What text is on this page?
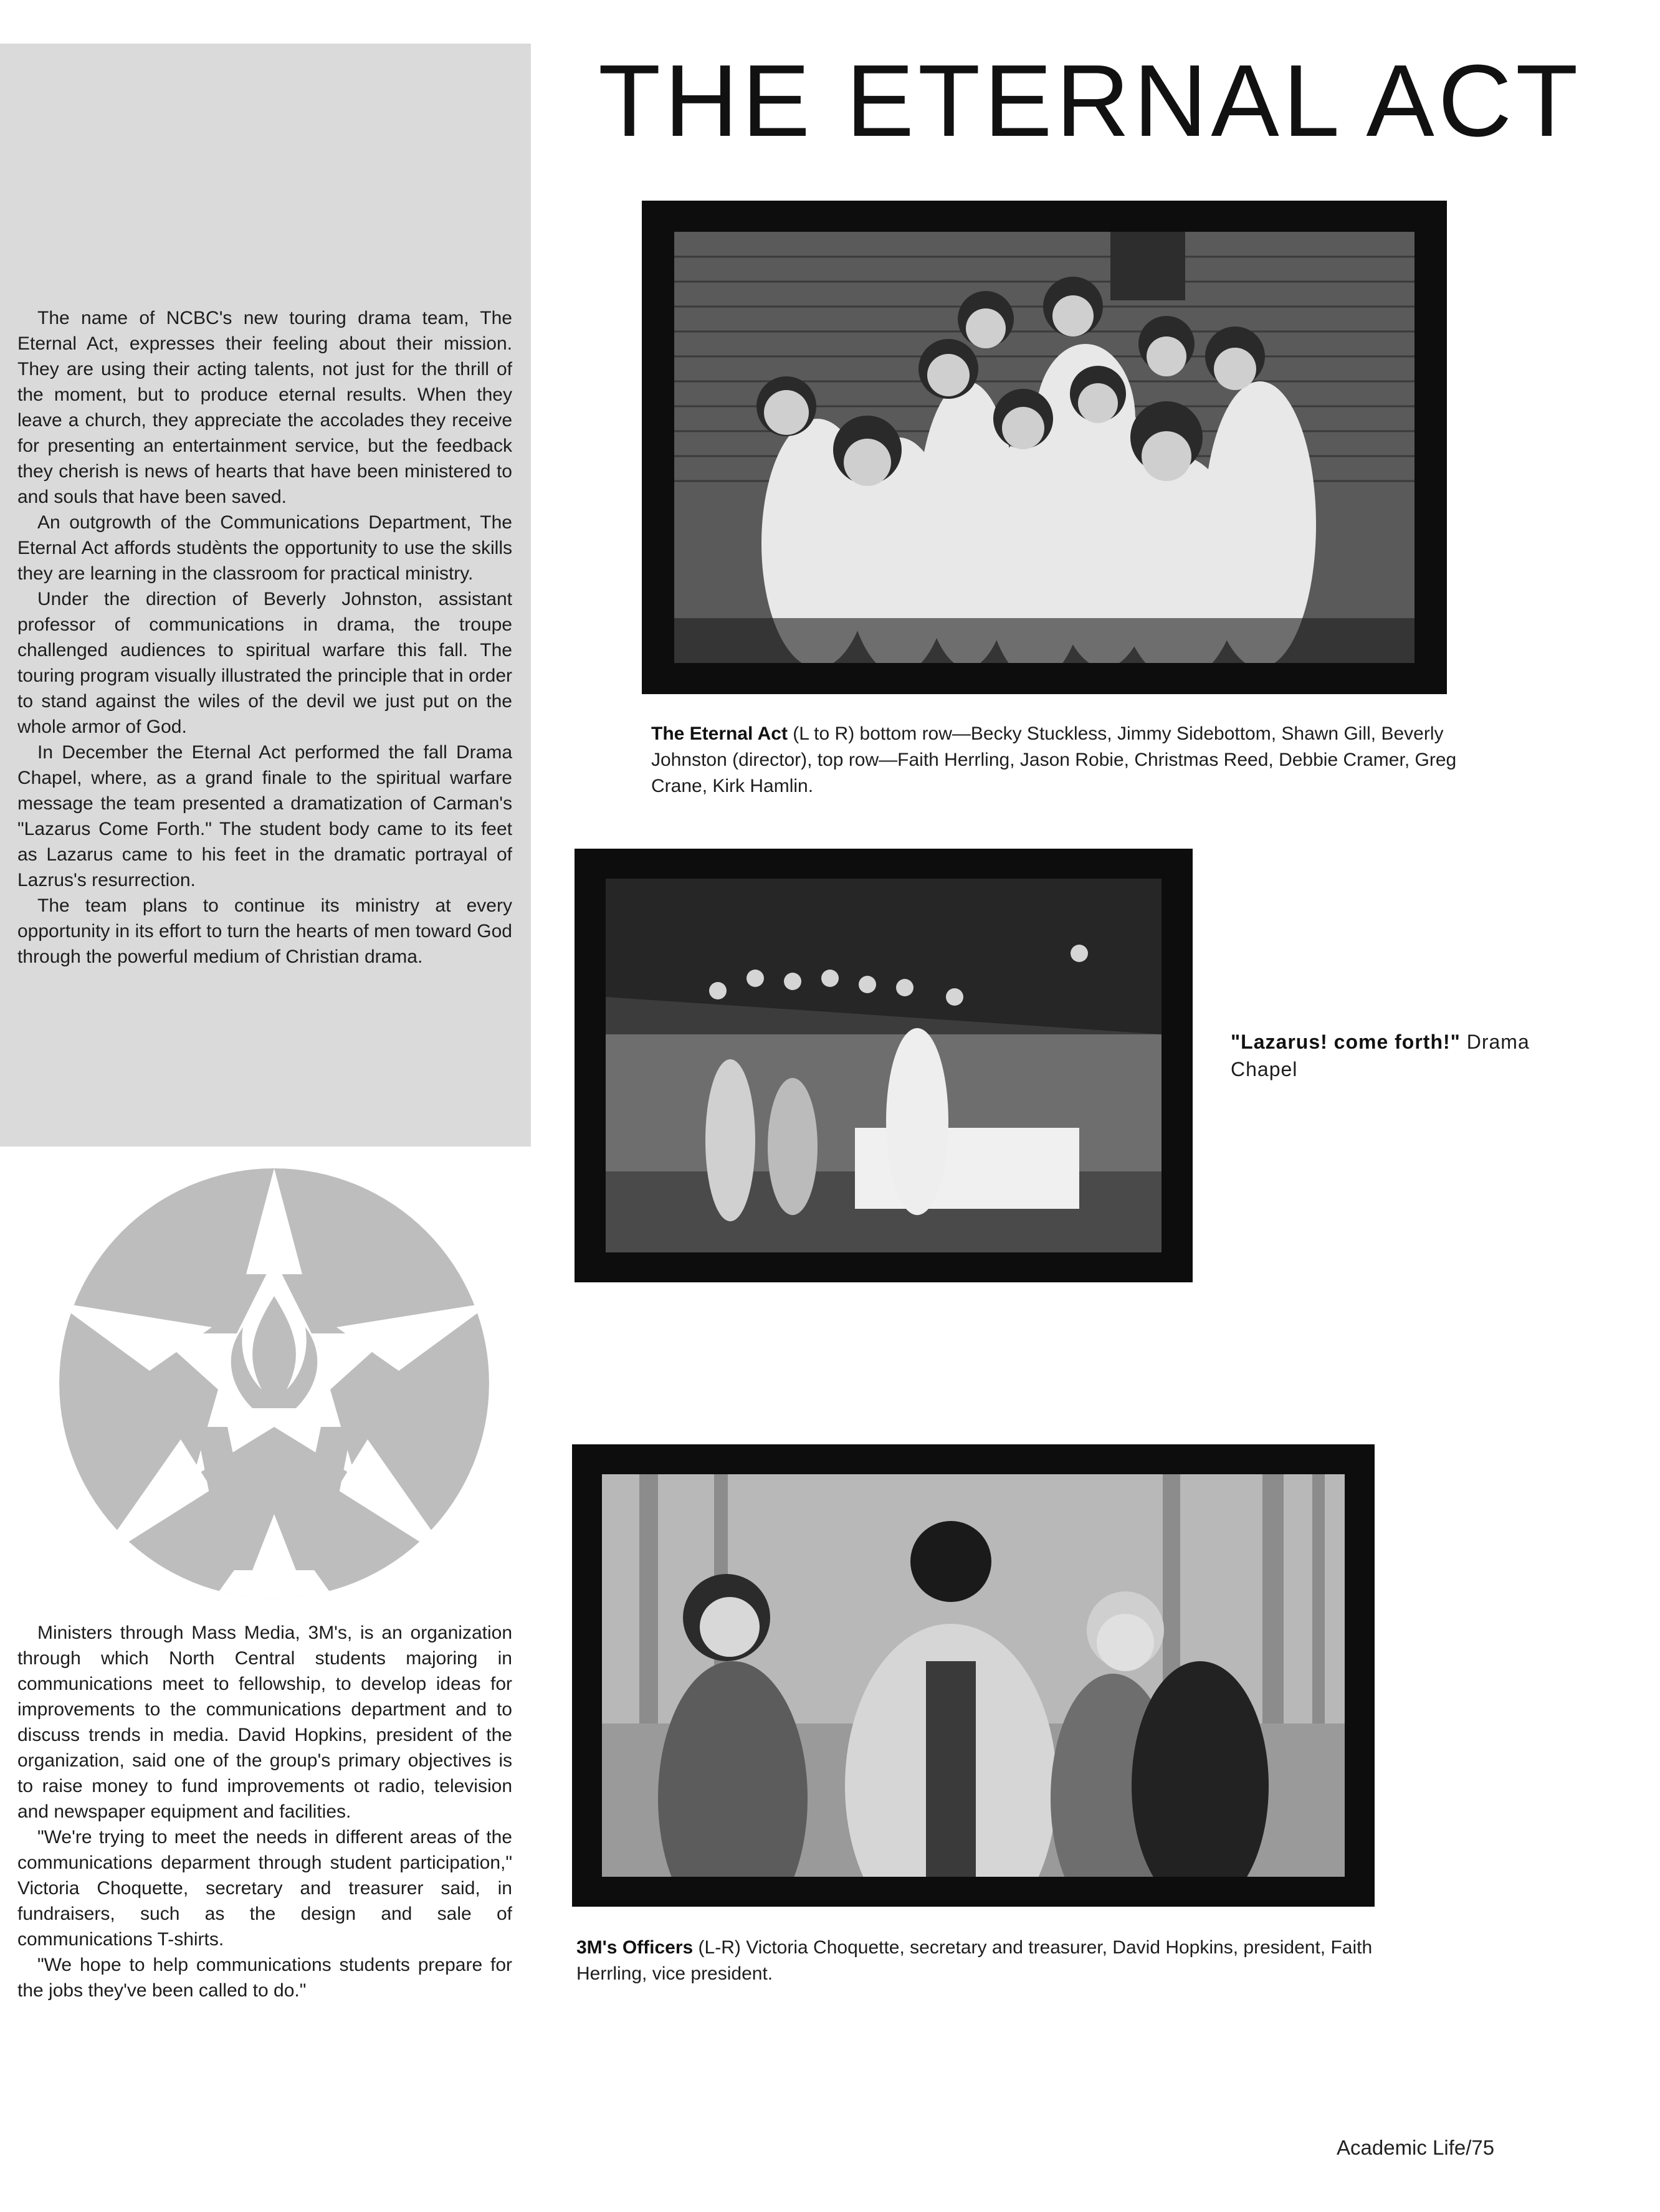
THE ETERNAL ACT

The name of NCBC's new touring drama team, The Eternal Act, expresses their feeling about their mission. They are using their acting talents, not just for the thrill of the moment, but to produce eternal results. When they leave a church, they appreciate the accolades they receive for presenting an entertainment service, but the feedback they cherish is news of hearts that have been ministered to and souls that have been saved.

An outgrowth of the Communications Department, The Eternal Act affords studènts the opportunity to use the skills they are learning in the classroom for practical ministry.

Under the direction of Beverly Johnston, assistant professor of communications in drama, the troupe challenged audiences to spiritual warfare this fall. The touring program visually illustrated the principle that in order to stand against the wiles of the devil we just put on the whole armor of God.

In December the Eternal Act performed the fall Drama Chapel, where, as a grand finale to the spiritual warfare message the team presented a dramatization of Carman's "Lazarus Come Forth." The student body came to its feet as Lazarus came to his feet in the dramatic portrayal of Lazrus's resurrection.

The team plans to continue its ministry at every opportunity in its effort to turn the hearts of men toward God through the powerful medium of Christian drama.

Ministers through Mass Media, 3M's, is an organization through which North Central students majoring in communications meet to fellowship, to develop ideas for improvements to the communications department and to discuss trends in media. David Hopkins, president of the organization, said one of the group's primary objectives is to raise money to fund improvements ot radio, television and newspaper equipment and facilities.

"We're trying to meet the needs in different areas of the communications deparment through student participation," Victoria Choquette, secretary and treasurer said, in fundraisers, such as the design and sale of communications T-shirts.

"We hope to help communications students prepare for the jobs they've been called to do."

The Eternal Act (L to R) bottom row—Becky Stuckless, Jimmy Sidebottom, Shawn Gill, Beverly Johnston (director), top row—Faith Herrling, Jason Robie, Christmas Reed, Debbie Cramer, Greg Crane, Kirk Hamlin.
"Lazarus! come forth!" Drama Chapel
3M's Officers (L-R) Victoria Choquette, secretary and treasurer, David Hopkins, president, Faith Herrling, vice president.
Academic Life/75
